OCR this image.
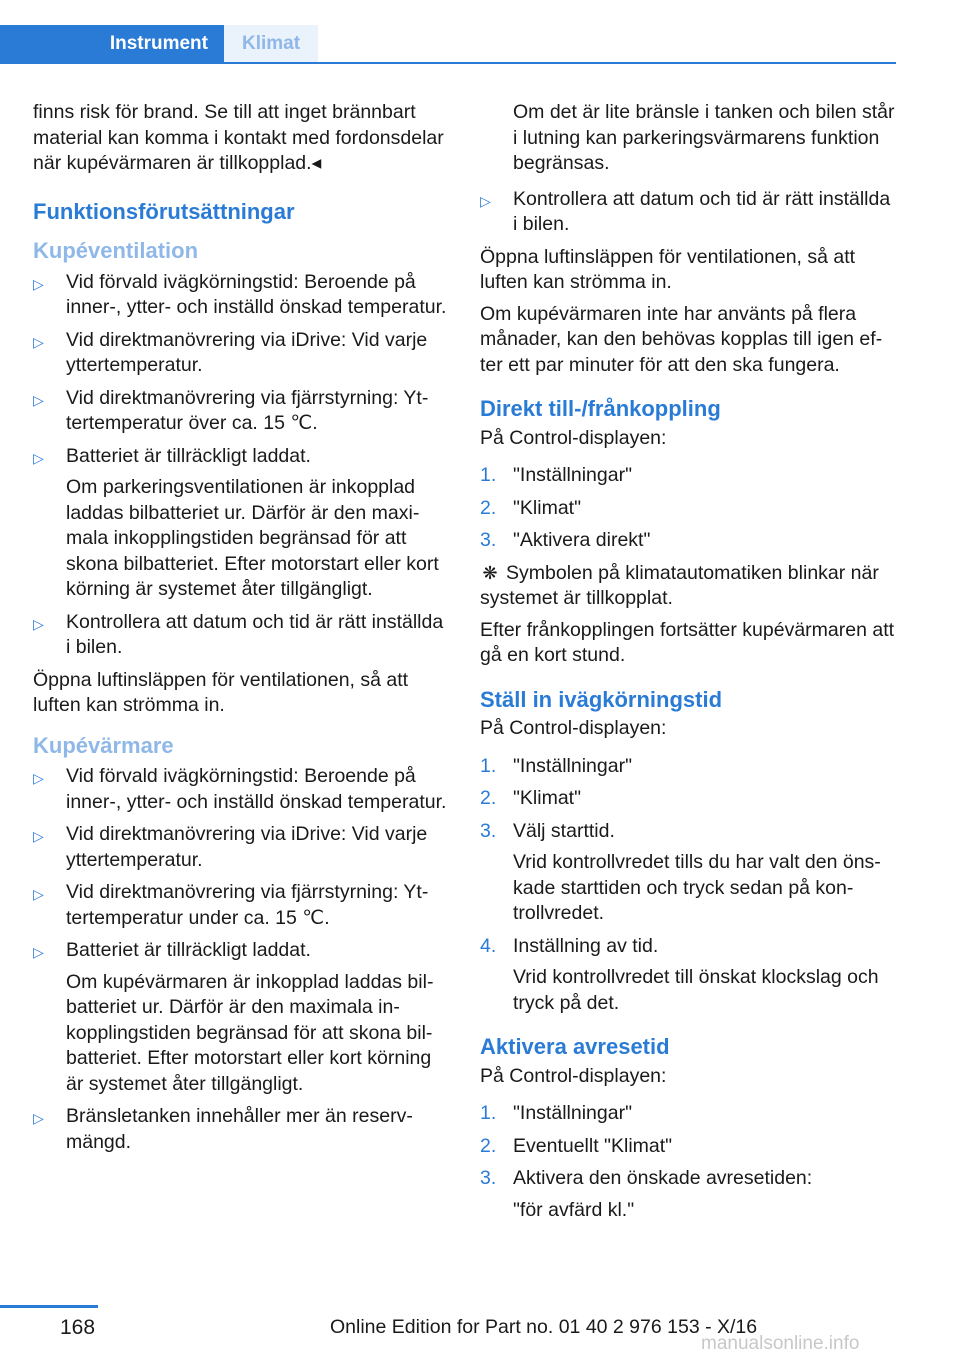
Instrument	Klimat

finns risk för brand. Se till att inget brännbart material kan komma i kontakt med fordonsdelar när kupévärmaren är tillkopplad.◂

Funktionsförutsättningar
Kupéventilation
▷ Vid förvald ivägkörningstid: Beroende på inner-, ytter- och inställd önskad temperatur.
▷ Vid direktmanövrering via iDrive: Vid varje yttertemperatur.
▷ Vid direktmanövrering via fjärrstyrning: Yttertemperatur över ca. 15 ℃.
▷ Batteriet är tillräckligt laddat.
Om parkeringsventilationen är inkopplad laddas bilbatteriet ur. Därför är den maximala inkopplingstiden begränsad för att skona bilbatteriet. Efter motorstart eller kort körning är systemet åter tillgängligt.
▷ Kontrollera att datum och tid är rätt inställda i bilen.

Öppna luftinsläppen för ventilationen, så att luften kan strömma in.

Kupévärmare
▷ Vid förvald ivägkörningstid: Beroende på inner-, ytter- och inställd önskad temperatur.
▷ Vid direktmanövrering via iDrive: Vid varje yttertemperatur.
▷ Vid direktmanövrering via fjärrstyrning: Yttertemperatur under ca. 15 ℃.
▷ Batteriet är tillräckligt laddat.
Om kupévärmaren är inkopplad laddas bilbatteriet ur. Därför är den maximala inkopplingstiden begränsad för att skona bilbatteriet. Efter motorstart eller kort körning är systemet åter tillgängligt.
▷ Bränsletanken innehåller mer än reservmängd.

Om det är lite bränsle i tanken och bilen står i lutning kan parkeringsvärmarens funktion begränsas.

▷ Kontrollera att datum och tid är rätt inställda i bilen.

Öppna luftinsläppen för ventilationen, så att luften kan strömma in.

Om kupévärmaren inte har använts på flera månader, kan den behövas kopplas till igen efter ett par minuter för att den ska fungera.

Direkt till-/frånkoppling

På Control-displayen:

1. "Inställningar"
2. "Klimat"
3. "Aktivera direkt"

❋ Symbolen på klimatautomatiken blinkar när systemet är tillkopplat.

Efter frånkopplingen fortsätter kupévärmaren att gå en kort stund.

Ställ in ivägkörningstid

På Control-displayen:

1. "Inställningar"
2. "Klimat"
3. Välj starttid.
Vrid kontrollvredet tills du har valt den önskade starttiden och tryck sedan på kontrollvredet.
4. Inställning av tid.
Vrid kontrollvredet till önskat klockslag och tryck på det.
Aktivera avresetid

På Control-displayen:

1. "Inställningar"
2. Eventuellt "Klimat"
3. Aktivera den önskade avresetiden:
"för avfärd kl."
168	Online Edition for Part no. 01 40 2 976 153 - X/16
manualsonline.info
